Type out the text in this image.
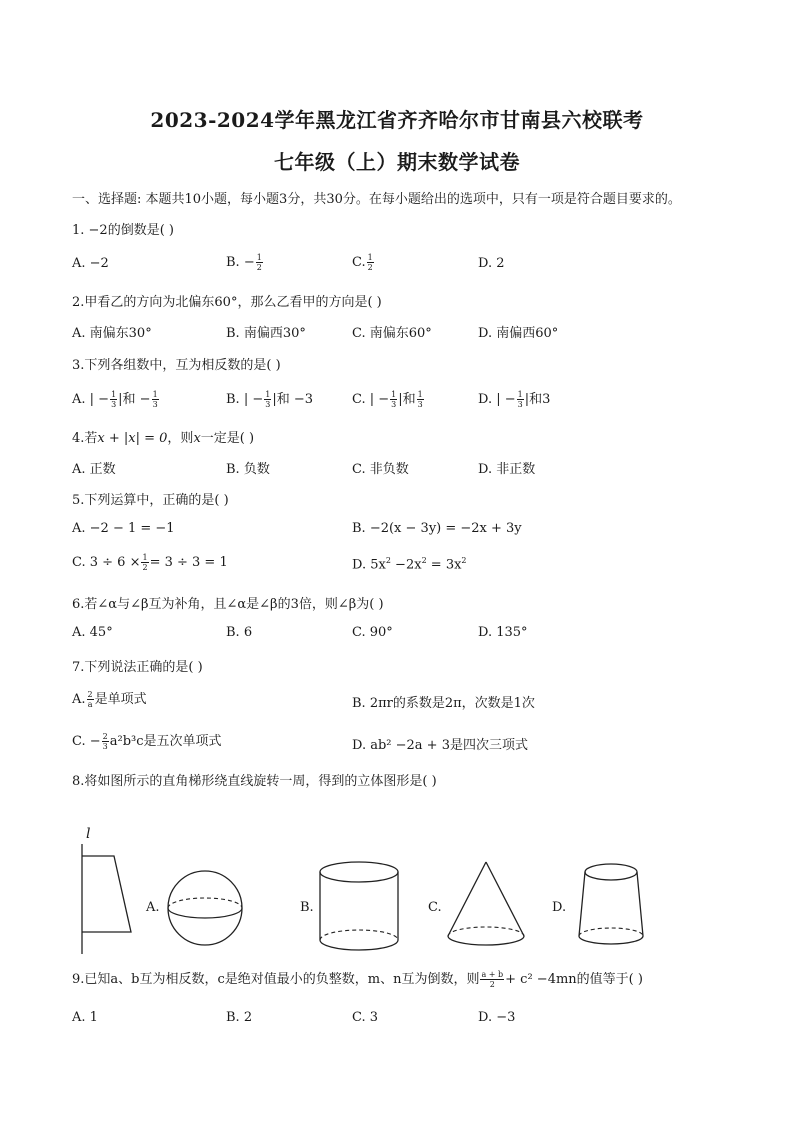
2023-2024学年黑龙江省齐齐哈尔市甘南县六校联考
七年级（上）期末数学试卷
一、选择题: 本题共10小题，每小题3分，共30分。在每小题给出的选项中，只有一项是符合题目要求的。
1. −2的倒数是( )
A. −2	B. − $\frac{1}{2}$	C. $\frac{1}{2}$	D. 2
2.甲看乙的方向为北偏东60°，那么乙看甲的方向是( )
A. 南偏东30°	B. 南偏西30°	C. 南偏东60°	D. 南偏西60°
3.下列各组数中，互为相反数的是( )
A. | − $\frac{1}{3}$ |和 − $\frac{1}{3}$	B. | − $\frac{1}{3}$ |和 −3	C. | − $\frac{1}{3}$ |和 $\frac{1}{3}$	D. | − $\frac{1}{3}$ |和3
4.若x + |x| = 0，则x一定是( )
A. 正数	B. 负数	C. 非负数	D. 非正数
5.下列运算中，正确的是( )
A. −2 − 1 = −1	B. −2(x − 3y) = −2x + 3y
C. $3 \div 6 \times \frac{1}{2} = 3 \div 3 = 1$	D. $5x^2 -2x^2 = 3x^2$
6.若∠α与∠β互为补角，且∠α是∠β的3倍，则∠β为( )
A. 45°	B. 6	C. 90°	D. 135°
7.下列说法正确的是( )
A. $\frac{2}{a}$ 是单项式	B. 2πr的系数是2π，次数是1次
C. − $\frac{2}{3} a^2b^3c$是五次单项式	D. ab² −2a + 3是四次三项式
8.将如图所示的直角梯形绕直线旋转一周，得到的立体图形是( )
l
A.	B.	C.	D.
9.已知a、b互为相反数，c是绝对值最小的负整数，m、n互为倒数，则 $\frac{a + b}{2} + c^2 -4mn$的值等于( )
A. 1	B. 2	C. 3	D. −3
